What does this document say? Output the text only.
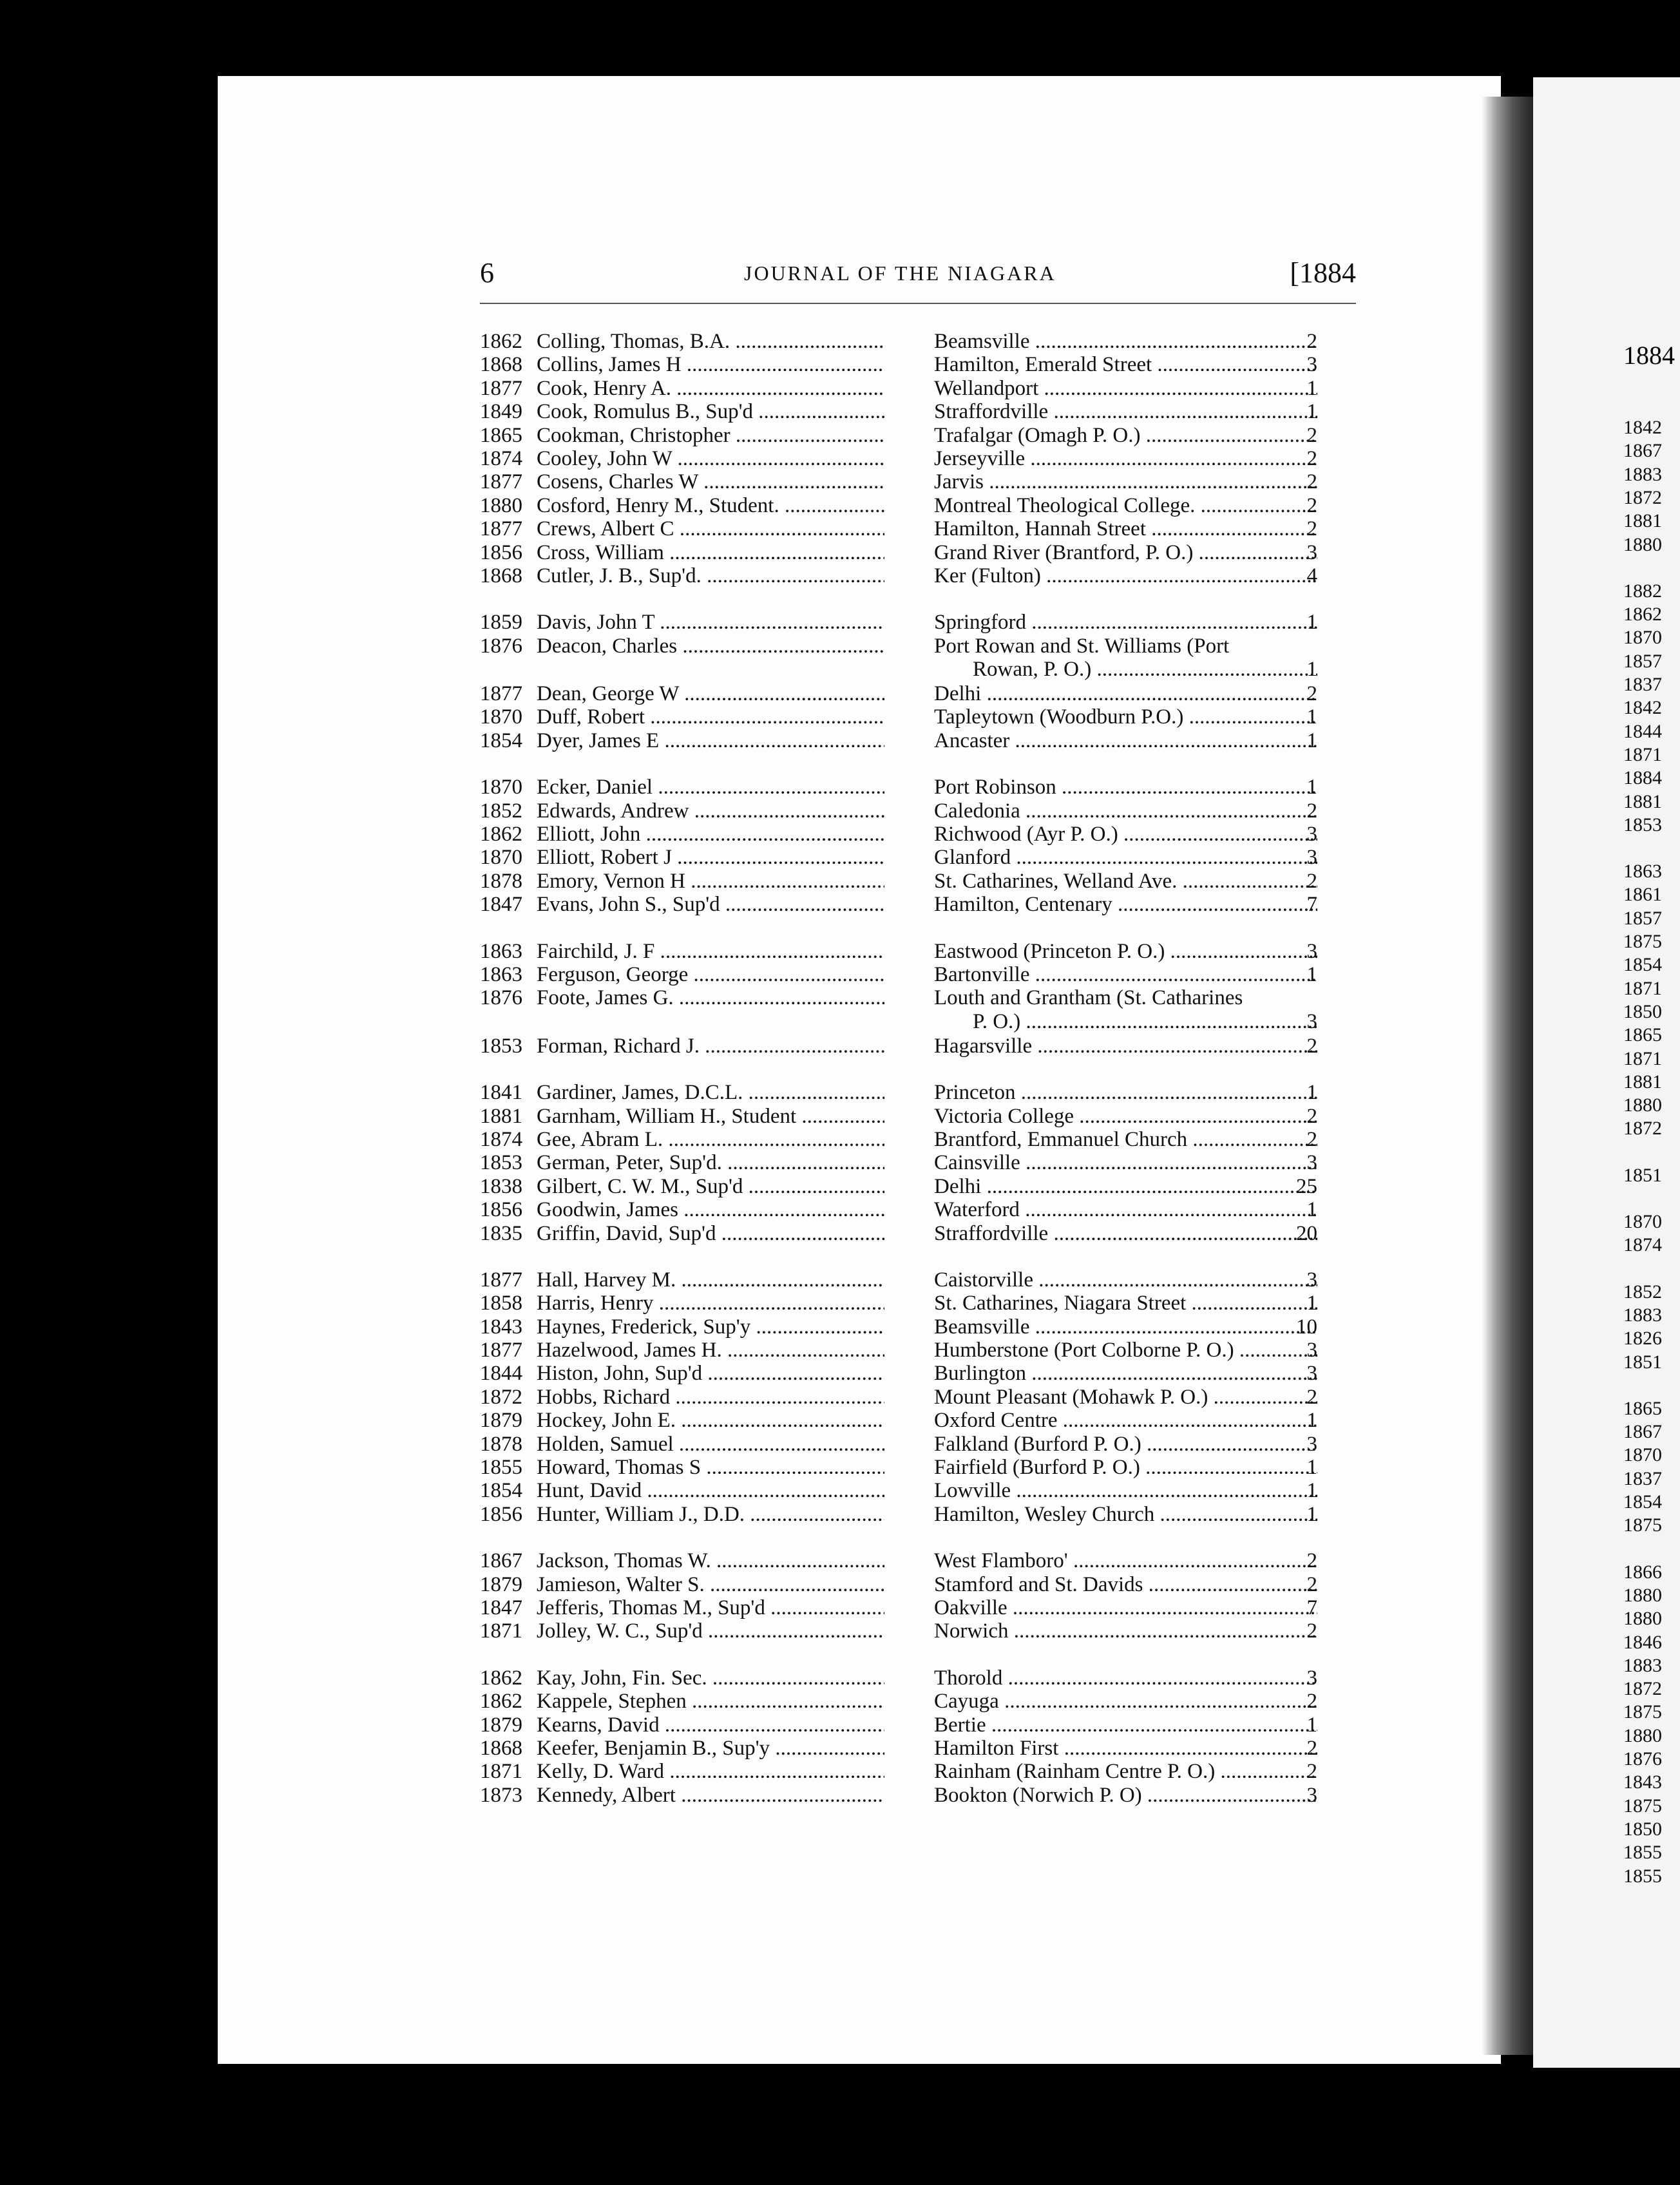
6	JOURNAL OF THE NIAGARA	[1884
1862 Colling, Thomas, B.A. .....	Beamsville .....	2
1868 Collins, James H .....	Hamilton, Emerald Street .....	3
1877 Cook, Henry A. .....	Wellandport .....	1
1849 Cook, Romulus B., Sup'd .....	Straffordville .....	1
1865 Cookman, Christopher .....	Trafalgar (Omagh P. O.) .....	2
1874 Cooley, John W .....	Jerseyville .....	2
1877 Cosens, Charles W .....	Jarvis .....	2
1880 Cosford, Henry M., Student. .....	Montreal Theological College. .....	2
1877 Crews, Albert C .....	Hamilton, Hannah Street .....	2
1856 Cross, William .....	Grand River (Brantford, P. O.) .....	3
1868 Cutler, J. B., Sup'd. .....	Ker (Fulton) .....	4
1859 Davis, John T .....	Springford .....	1
1876 Deacon, Charles .....	Port Rowan and St. Williams (Port
Rowan, P. O.) .....	1
1877 Dean, George W .....	Delhi .....	2
1870 Duff, Robert .....	Tapleytown (Woodburn P.O.) .....	1
1854 Dyer, James E .....	Ancaster .....	1
1870 Ecker, Daniel .....	Port Robinson .....	1
1852 Edwards, Andrew .....	Caledonia .....	2
1862 Elliott, John .....	Richwood (Ayr P. O.) .....	3
1870 Elliott, Robert J .....	Glanford .....	3
1878 Emory, Vernon H .....	St. Catharines, Welland Ave. .....	2
1847 Evans, John S., Sup'd .....	Hamilton, Centenary .....	7
1863 Fairchild, J. F .....	Eastwood (Princeton P. O.) .....	3
1863 Ferguson, George .....	Bartonville .....	1
1876 Foote, James G. .....	Louth and Grantham (St. Catharines
P. O.) .....	3
1853 Forman, Richard J. .....	Hagarsville .....	2
1841 Gardiner, James, D.C.L. .....	Princeton .....	1
1881 Garnham, William H., Student .....	Victoria College .....	2
1874 Gee, Abram L. .....	Brantford, Emmanuel Church .....	2
1853 German, Peter, Sup'd. .....	Cainsville .....	3
1838 Gilbert, C. W. M., Sup'd .....	Delhi .....	25
1856 Goodwin, James .....	Waterford .....	1
1835 Griffin, David, Sup'd .....	Straffordville .....	20
1877 Hall, Harvey M. .....	Caistorville .....	3
1858 Harris, Henry .....	St. Catharines, Niagara Street .....	1
1843 Haynes, Frederick, Sup'y .....	Beamsville .....	10
1877 Hazelwood, James H. .....	Humberstone (Port Colborne P. O.) .....	3
1844 Histon, John, Sup'd .....	Burlington .....	3
1872 Hobbs, Richard .....	Mount Pleasant (Mohawk P. O.) .....	2
1879 Hockey, John E. .....	Oxford Centre .....	1
1878 Holden, Samuel .....	Falkland (Burford P. O.) .....	3
1855 Howard, Thomas S .....	Fairfield (Burford P. O.) .....	1
1854 Hunt, David .....	Lowville .....	1
1856 Hunter, William J., D.D. .....	Hamilton, Wesley Church .....	1
1867 Jackson, Thomas W. .....	West Flamboro' .....	2
1879 Jamieson, Walter S. .....	Stamford and St. Davids .....	2
1847 Jefferis, Thomas M., Sup'd .....	Oakville .....	7
1871 Jolley, W. C., Sup'd .....	Norwich .....	2
1862 Kay, John, Fin. Sec. .....	Thorold .....	3
1862 Kappele, Stephen .....	Cayuga .....	2
1879 Kearns, David .....	Bertie .....	1
1868 Keefer, Benjamin B., Sup'y .....	Hamilton First .....	2
1871 Kelly, D. Ward .....	Rainham (Rainham Centre P. O.) .....	2
1873 Kennedy, Albert .....	Bookton (Norwich P. O) .....	3
1884
1842
1867
1883
1872
1881
1880
1882
1862
1870
1857
1837
1842
1844
1871
1884
1881
1853
1863
1861
1857
1875
1854
1871
1850
1865
1871
1881
1880
1872
1851
1870
1874
1852
1883
1826
1851
1865
1867
1870
1837
1854
1875
1866
1880
1880
1846
1883
1872
1875
1880
1876
1843
1875
1850
1855
1855
